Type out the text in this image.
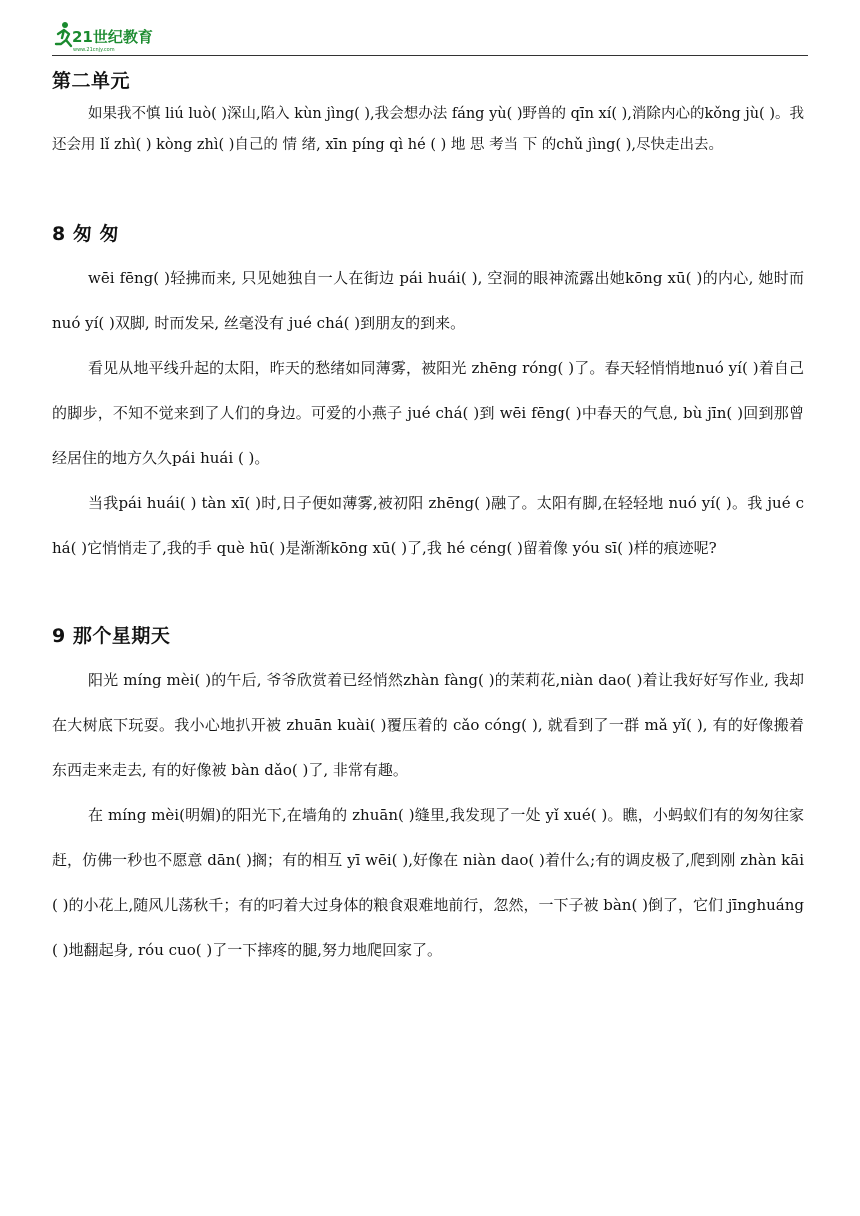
21世纪教育
www.21cnjy.com
第二单元

如果我不慎 liú luò( )深山,陷入 kùn jìng( ),我会想办法 fáng yù( )野兽的 qīn xí( ),消除内心的kǒng jù( )。我还会用 lǐ zhì( ) kòng zhì( )自己的 情 绪, xīn píng qì hé ( ) 地 思 考当 下 的chǔ jìng( ),尽快走出去。

8 匆 匆

wēi fēng( )轻拂而来, 只见她独自一人在街边 pái huái( ), 空洞的眼神流露出她kōng xū( )的内心, 她时而 nuó yí( )双脚, 时而发呆, 丝毫没有 jué chá( )到朋友的到来。

看见从地平线升起的太阳，昨天的愁绪如同薄雾，被阳光 zhēng róng( )了。春天轻悄悄地nuó yí( )着自己的脚步，不知不觉来到了人们的身边。可爱的小燕子 jué chá( )到 wēi fēng( )中春天的气息, bù jīn( )回到那曾经居住的地方久久pái huái ( )。

当我pái huái( ) tàn xī( )时,日子便如薄雾,被初阳 zhēng( )融了。太阳有脚,在轻轻地 nuó yí( )。我 jué chá( )它悄悄走了,我的手 què hū( )是渐渐kōng xū( )了,我 hé céng( )留着像 yóu sī( )样的痕迹呢?

9 那个星期天

阳光 míng mèi( )的午后, 爷爷欣赏着已经悄然zhàn fàng( )的茉莉花,niàn dao( )着让我好好写作业, 我却在大树底下玩耍。我小心地扒开被 zhuān kuài( )覆压着的 cǎo cóng( ), 就看到了一群 mǎ yǐ( ), 有的好像搬着东西走来走去, 有的好像被 bàn dǎo( )了, 非常有趣。

在 míng mèi(明媚)的阳光下,在墙角的 zhuān( )缝里,我发现了一处 yǐ xué( )。瞧，小蚂蚁们有的匆匆往家赶，仿佛一秒也不愿意 dān( )搁；有的相互 yī wēi( ),好像在 niàn dao( )着什么;有的调皮极了,爬到刚 zhàn kāi( )的小花上,随风儿荡秋千；有的叼着大过身体的粮食艰难地前行，忽然，一下子被 bàn( )倒了，它们 jīnghuáng( )地翻起身, róu cuo( )了一下摔疼的腿,努力地爬回家了。
